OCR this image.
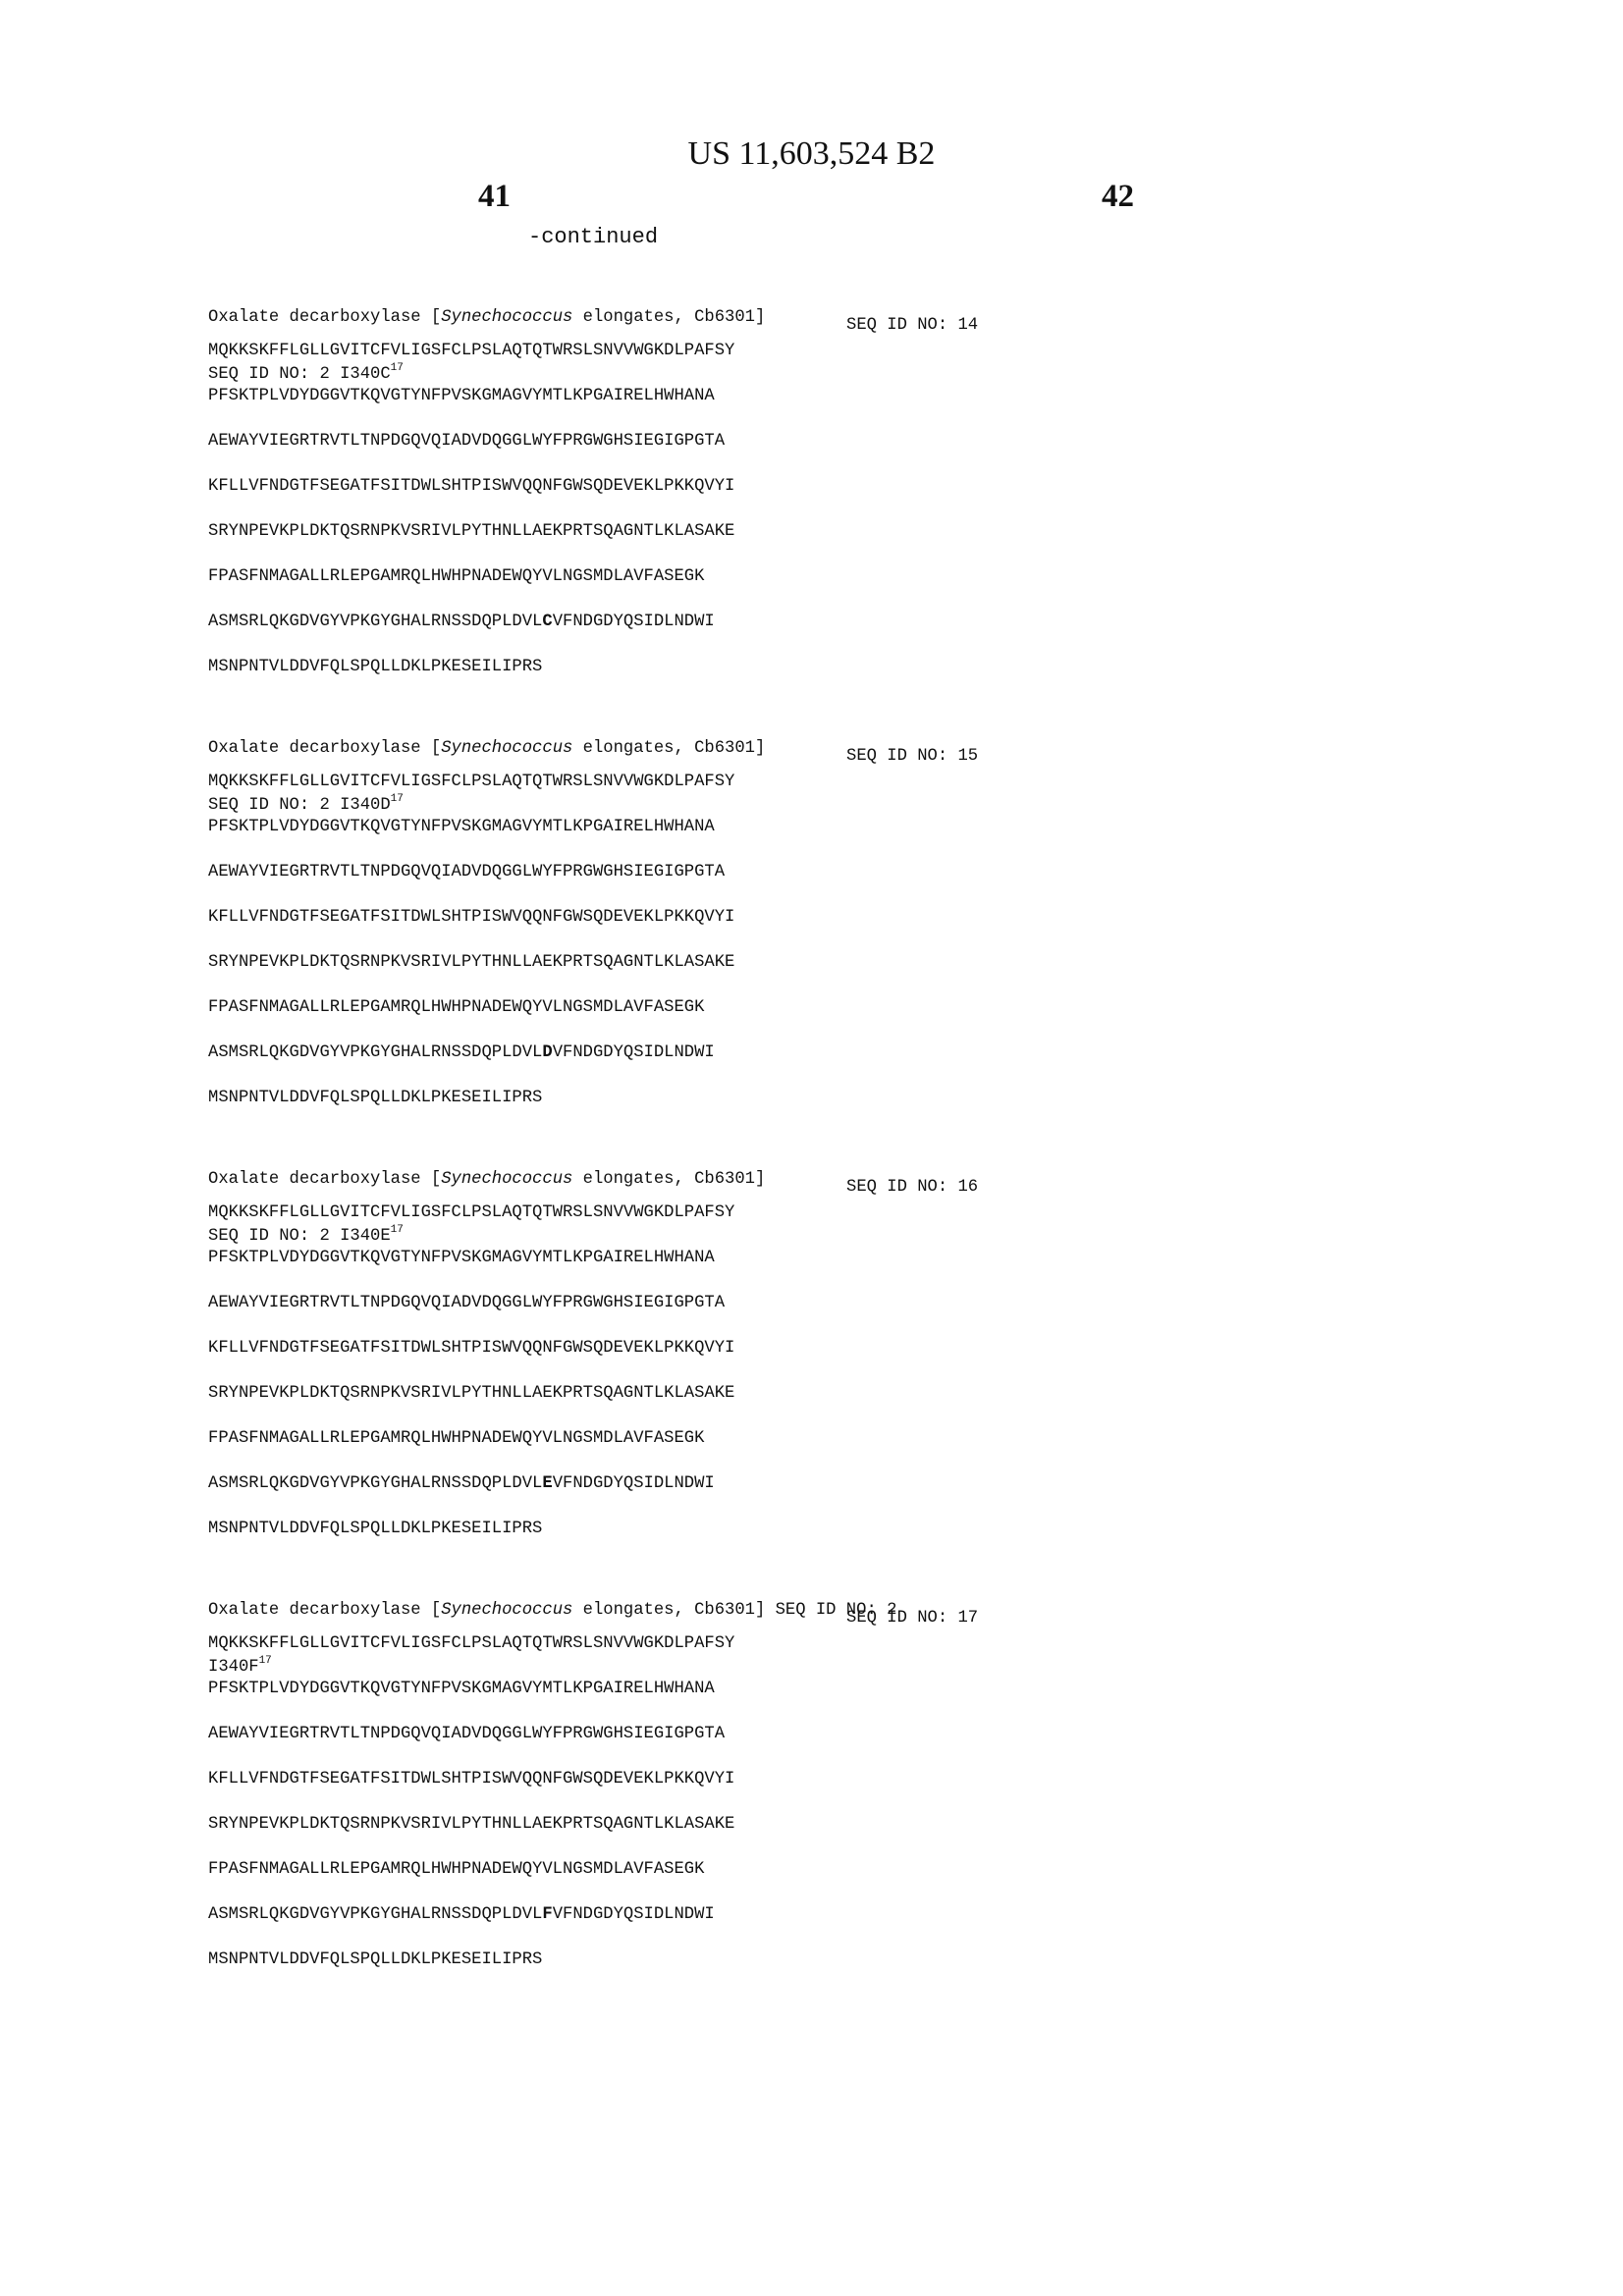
US 11,603,524 B2
41	42
-continued

Oxalate decarboxylase [Synechococcus elongates, Cb6301]

SEQ ID NO: 2 $I340C^{17}$

SEQ ID NO: 14

MQKKSKFFLGLLGVITCFVLIGSFCLPSLAQTQTWRSLSNVVWGKDLPAFSY

PFSKTPLVDYDGGVTKQVGTYNFPVSKGMAGVYMTLKPGAIRELHWHANA

AEWAYVIEGRTRVTLTNPDGQVQIADVDQGGLWYFPRGWGHSIEGIGPGTA

KFLLVFNDGTFSEGATFSITDWLSHTPISWVQQNFGWSQDEVEKLPKKQVYI

SRYNPEVKPLDKTQSRNPKVSRIVLPYTHNLLAEKPRTSQAGNTLKLASAKE

FPASFNMAGALLRLEPGAMRQLHWHPNADEWQYVLNGSMDLAVFASEGK

ASMSRLQKGDVGYVPKGYGHALRNSSDQPLDVLCVFNDGDYQSIDLNDWI

MSNPNTVLDDVFQLSPQLLDKLPKESEILIPRS

Oxalate decarboxylase [Synechococcus elongates, Cb6301]

SEQ ID NO: 2 $I340D^{17}$

SEQ ID NO: 15

MQKKSKFFLGLLGVITCFVLIGSFCLPSLAQTQTWRSLSNVVWGKDLPAFSY

PFSKTPLVDYDGGVTKQVGTYNFPVSKGMAGVYMTLKPGAIRELHWHANA

AEWAYVIEGRTRVTLTNPDGQVQIADVDQGGLWYFPRGWGHSIEGIGPGTA

KFLLVFNDGTFSEGATFSITDWLSHTPISWVQQNFGWSQDEVEKLPKKQVYI

SRYNPEVKPLDKTQSRNPKVSRIVLPYTHNLLAEKPRTSQAGNTLKLASAKE

FPASFNMAGALLRLEPGAMRQLHWHPNADEWQYVLNGSMDLAVFASEGK

ASMSRLQKGDVGYVPKGYGHALRNSSDQPLDVLDVFNDGDYQSIDLNDWI

MSNPNTVLDDVFQLSPQLLDKLPKESEILIPRS

Oxalate decarboxylase [Synechococcus elongates, Cb6301]

SEQ ID NO: 2 $I340E^{17}$

SEQ ID NO: 16

MQKKSKFFLGLLGVITCFVLIGSFCLPSLAQTQTWRSLSNVVWGKDLPAFSY

PFSKTPLVDYDGGVTKQVGTYNFPVSKGMAGVYMTLKPGAIRELHWHANA

AEWAYVIEGRTRVTLTNPDGQVQIADVDQGGLWYFPRGWGHSIEGIGPGTA

KFLLVFNDGTFSEGATFSITDWLSHTPISWVQQNFGWSQDEVEKLPKKQVYI

SRYNPEVKPLDKTQSRNPKVSRIVLPYTHNLLAEKPRTSQAGNTLKLASAKE

FPASFNMAGALLRLEPGAMRQLHWHPNADEWQYVLNGSMDLAVFASEGK

ASMSRLQKGDVGYVPKGYGHALRNSSDQPLDVLEVFNDGDYQSIDLNDWI

MSNPNTVLDDVFQLSPQLLDKLPKESEILIPRS

Oxalate decarboxylase [Synechococcus elongates, Cb6301] SEQ ID NO: 2

$I340F^{17}$

SEQ ID NO: 17

MQKKSKFFLGLLGVITCFVLIGSFCLPSLAQTQTWRSLSNVVWGKDLPAFSY

PFSKTPLVDYDGGVTKQVGTYNFPVSKGMAGVYMTLKPGAIRELHWHANA

AEWAYVIEGRTRVTLTNPDGQVQIADVDQGGLWYFPRGWGHSIEGIGPGTA

KFLLVFNDGTFSEGATFSITDWLSHTPISWVQQNFGWSQDEVEKLPKKQVYI

SRYNPEVKPLDKTQSRNPKVSRIVLPYTHNLLAEKPRTSQAGNTLKLASAKE

FPASFNMAGALLRLEPGAMRQLHWHPNADEWQYVLNGSMDLAVFASEGK

ASMSRLQKGDVGYVPKGYGHALRNSSDQPLDVLFVFNDGDYQSIDLNDWI

MSNPNTVLDDVFQLSPQLLDKLPKESEILIPRS
